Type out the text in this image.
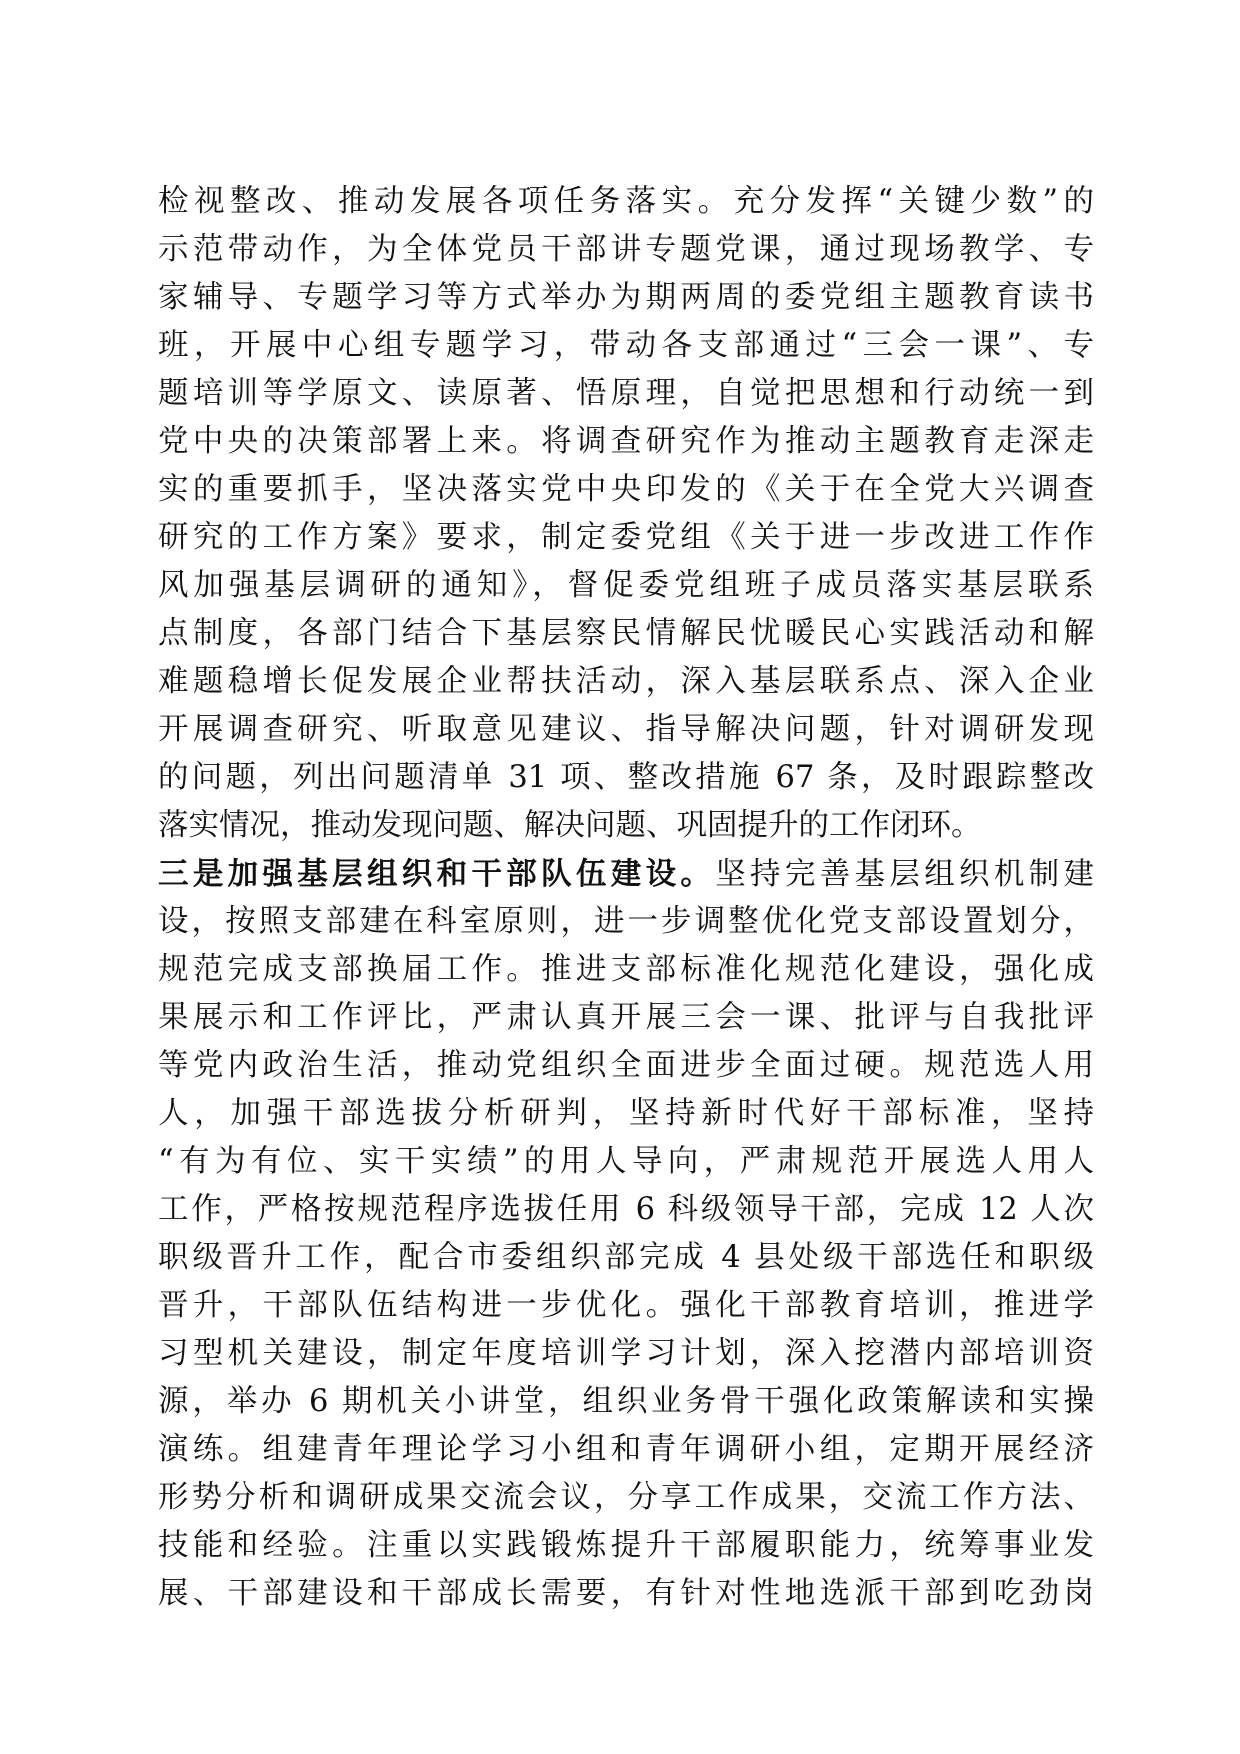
检视整改、推动发展各项任务落实。充分发挥“关键少数”的
示范带动作，为全体党员干部讲专题党课，通过现场教学、专
家辅导、专题学习等方式举办为期两周的委党组主题教育读书
班，开展中心组专题学习，带动各支部通过“三会一课”、专
题培训等学原文、读原著、悟原理，自觉把思想和行动统一到
党中央的决策部署上来。将调查研究作为推动主题教育走深走
实的重要抓手，坚决落实党中央印发的《关于在全党大兴调查
研究的工作方案》要求，制定委党组《关于进一步改进工作作
风加强基层调研的通知》，督促委党组班子成员落实基层联系
点制度，各部门结合下基层察民情解民忧暖民心实践活动和解
难题稳增长促发展企业帮扶活动，深入基层联系点、深入企业
开展调查研究、听取意见建议、指导解决问题，针对调研发现
的问题，列出问题清单 31 项、整改措施 67 条，及时跟踪整改
落实情况，推动发现问题、解决问题、巩固提升的工作闭环。
三是加强基层组织和干部队伍建设。坚持完善基层组织机制建
设，按照支部建在科室原则，进一步调整优化党支部设置划分，
规范完成支部换届工作。推进支部标准化规范化建设，强化成
果展示和工作评比，严肃认真开展三会一课、批评与自我批评
等党内政治生活，推动党组织全面进步全面过硬。规范选人用
人，加强干部选拔分析研判，坚持新时代好干部标准，坚持
“有为有位、实干实绩”的用人导向，严肃规范开展选人用人
工作，严格按规范程序选拔任用 6 科级领导干部，完成 12 人次
职级晋升工作，配合市委组织部完成 4 县处级干部选任和职级
晋升，干部队伍结构进一步优化。强化干部教育培训，推进学
习型机关建设，制定年度培训学习计划，深入挖潜内部培训资
源，举办 6 期机关小讲堂，组织业务骨干强化政策解读和实操
演练。组建青年理论学习小组和青年调研小组，定期开展经济
形势分析和调研成果交流会议，分享工作成果，交流工作方法、
技能和经验。注重以实践锻炼提升干部履职能力，统筹事业发
展、干部建设和干部成长需要，有针对性地选派干部到吃劲岗
